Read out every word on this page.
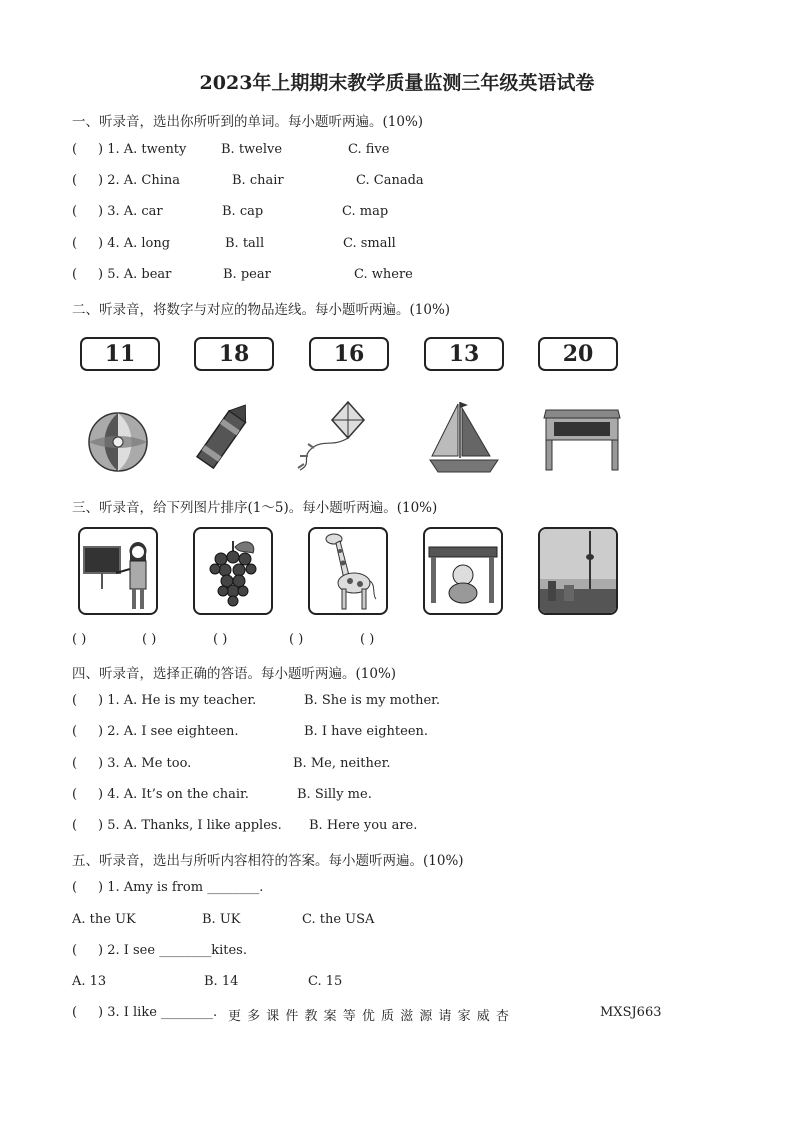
2023年上期期末教学质量监测三年级英语试卷
一、听录音，选出你所听到的单词。每小题听两遍。(10%)
( ) 1. A. twenty	B. twelve	C. five
( ) 2. A. China	B. chair	C. Canada
( ) 3. A. car	B. cap	C. map
( ) 4. A. long	B. tall	C. small
( ) 5. A. bear	B. pear	C. where
二、听录音，将数字与对应的物品连线。每小题听两遍。(10%)
11	18	16	13	20
三、听录音，给下列图片排序(1～5)。每小题听两遍。(10%)
( )	( )	( )	( )	( )
四、听录音，选择正确的答语。每小题听两遍。(10%)
( ) 1. A. He is my teacher.	B. She is my mother.
( ) 2. A. I see eighteen.	B. I have eighteen.
( ) 3. A. Me too.	B. Me, neither.
( ) 4. A. It’s on the chair.	B. Silly me.
( ) 5. A. Thanks, I like apples. B. Here you are.
五、听录音，选出与所听内容相符的答案。每小题听两遍。(10%)
( ) 1. Amy is from ________.
A. the UK	B. UK	C. the USA
( ) 2. I see ________kites.
A. 13	B. 14	C. 15
( ) 3. I like ________. 更 多 课 件 教 案 等 优 质 滋 源 请 家 威 杏	MXSJ663
